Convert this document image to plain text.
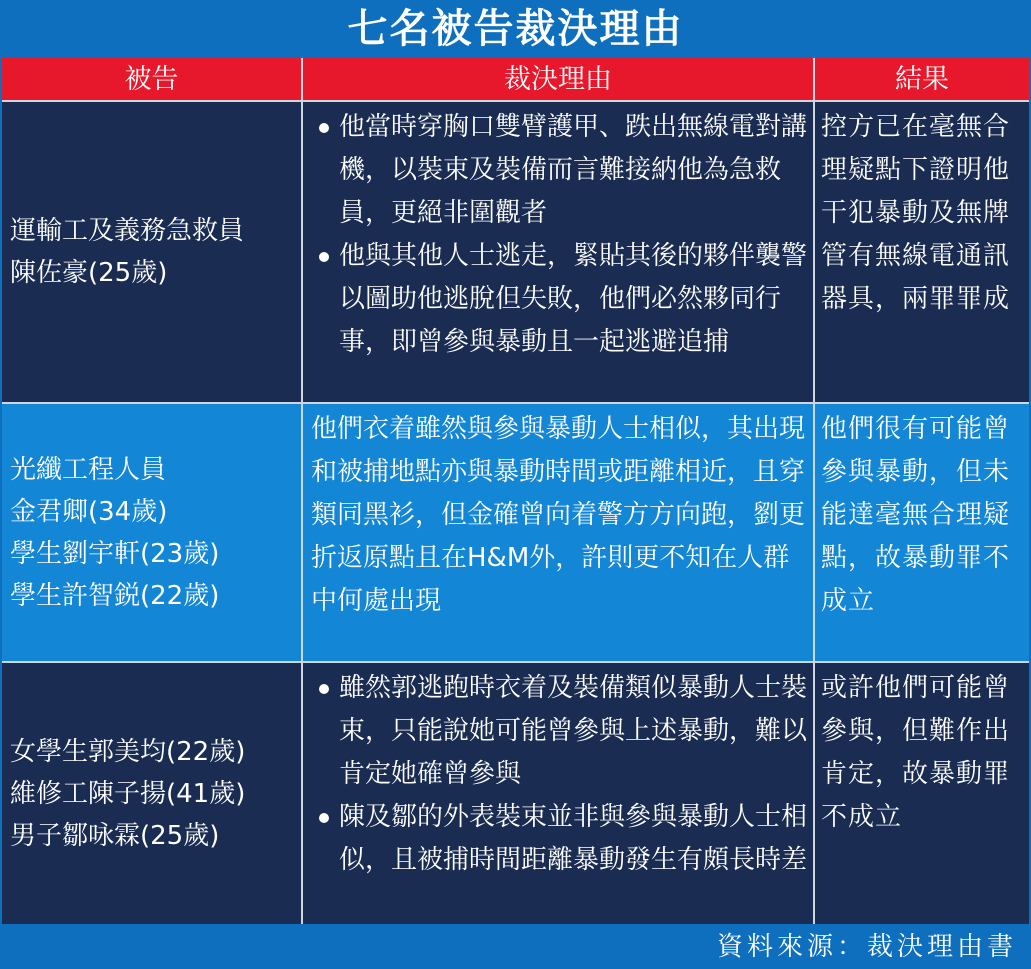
七名被告裁決理由
被告	裁決理由	結果
運輸工及義務急救員
陳佐豪(25歲)
他當時穿胸口雙臂護甲、跌出無線電對講機，以裝束及裝備而言難接納他為急救員，更絕非圍觀者
他與其他人士逃走，緊貼其後的夥伴襲警以圖助他逃脫但失敗，他們必然夥同行事，即曾參與暴動且一起逃避追捕
控方已在毫無合理疑點下證明他干犯暴動及無牌管有無線電通訊器具，兩罪罪成
光纖工程人員
金君卿(34歲)
學生劉宇軒(23歲)
學生許智鋭(22歲)
他們衣着雖然與參與暴動人士相似，其出現和被捕地點亦與暴動時間或距離相近，且穿類同黑衫，但金確曾向着警方方向跑，劉更折返原點且在H&M外，許則更不知在人群中何處出現
他們很有可能曾參與暴動，但未能達毫無合理疑點，故暴動罪不成立
女學生郭美均(22歲)
維修工陳子揚(41歲)
男子鄒咏霖(25歲)
雖然郭逃跑時衣着及裝備類似暴動人士裝束，只能說她可能曾參與上述暴動，難以肯定她確曾參與
陳及鄒的外表裝束並非與參與暴動人士相似，且被捕時間距離暴動發生有頗長時差
或許他們可能曾參與，但難作出肯定，故暴動罪不成立
資料來源：裁決理由書
